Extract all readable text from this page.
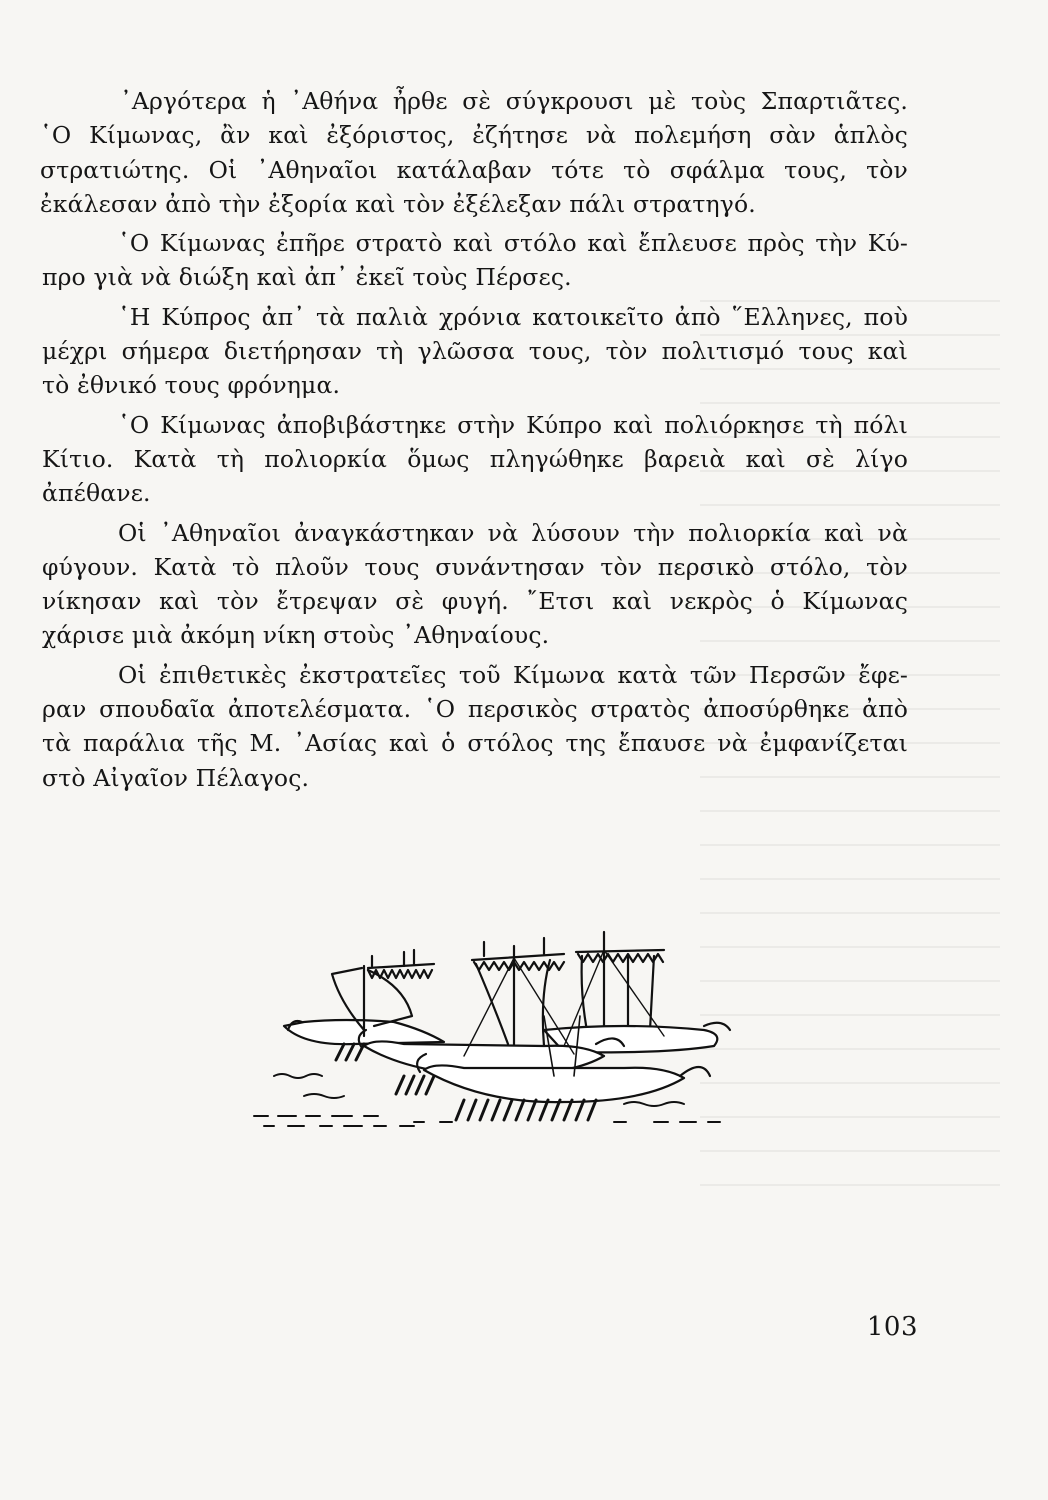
᾿Αργότερα ἡ ᾿Αθήνα ἦρθε σὲ σύγκρουσι μὲ τοὺς Σπαρτιᾶτες.
῾Ο Κίμωνας, ἂν καὶ ἐξόριστος, ἐζήτησε νὰ πολεμήση σὰν ἁπλὸς
στρατιώτης. Οἱ ᾿Αθηναῖοι κατάλαβαν τότε τὸ σφάλμα τους, τὸν
ἐκάλεσαν ἀπὸ τὴν ἐξορία καὶ τὸν ἐξέλεξαν πάλι στρατηγό.

῾Ο Κίμωνας ἐπῆρε στρατὸ καὶ στόλο καὶ ἔπλευσε πρὸς τὴν Κύ-
προ γιὰ νὰ διώξη καὶ ἀπ᾿ ἐκεῖ τοὺς Πέρσες.

῾Η Κύπρος ἀπ᾿ τὰ παλιὰ χρόνια κατοικεῖτο ἀπὸ ῞Ελληνες, ποὺ
μέχρι σήμερα διετήρησαν τὴ γλῶσσα τους, τὸν πολιτισμό τους καὶ
τὸ ἐθνικό τους φρόνημα.

῾Ο Κίμωνας ἀποβιβάστηκε στὴν Κύπρο καὶ πολιόρκησε τὴ πόλι
Κίτιο. Κατὰ τὴ πολιορκία ὅμως πληγώθηκε βαρειὰ καὶ σὲ λίγο
ἀπέθανε.

Οἱ ᾿Αθηναῖοι ἀναγκάστηκαν νὰ λύσουν τὴν πολιορκία καὶ νὰ
φύγουν. Κατὰ τὸ πλοῦν τους συνάντησαν τὸν περσικὸ στόλο, τὸν
νίκησαν καὶ τὸν ἔτρεψαν σὲ φυγή. ῎Ετσι καὶ νεκρὸς ὁ Κίμωνας
χάρισε μιὰ ἀκόμη νίκη στοὺς ᾿Αθηναίους.

Οἱ ἐπιθετικὲς ἐκστρατεῖες τοῦ Κίμωνα κατὰ τῶν Περσῶν ἔφε-
ραν σπουδαῖα ἀποτελέσματα. ῾Ο περσικὸς στρατὸς ἀποσύρθηκε ἀπὸ
τὰ παράλια τῆς Μ. ᾿Ασίας καὶ ὁ στόλος της ἔπαυσε νὰ ἐμφανίζεται
στὸ Αἰγαῖον Πέλαγος.

103
